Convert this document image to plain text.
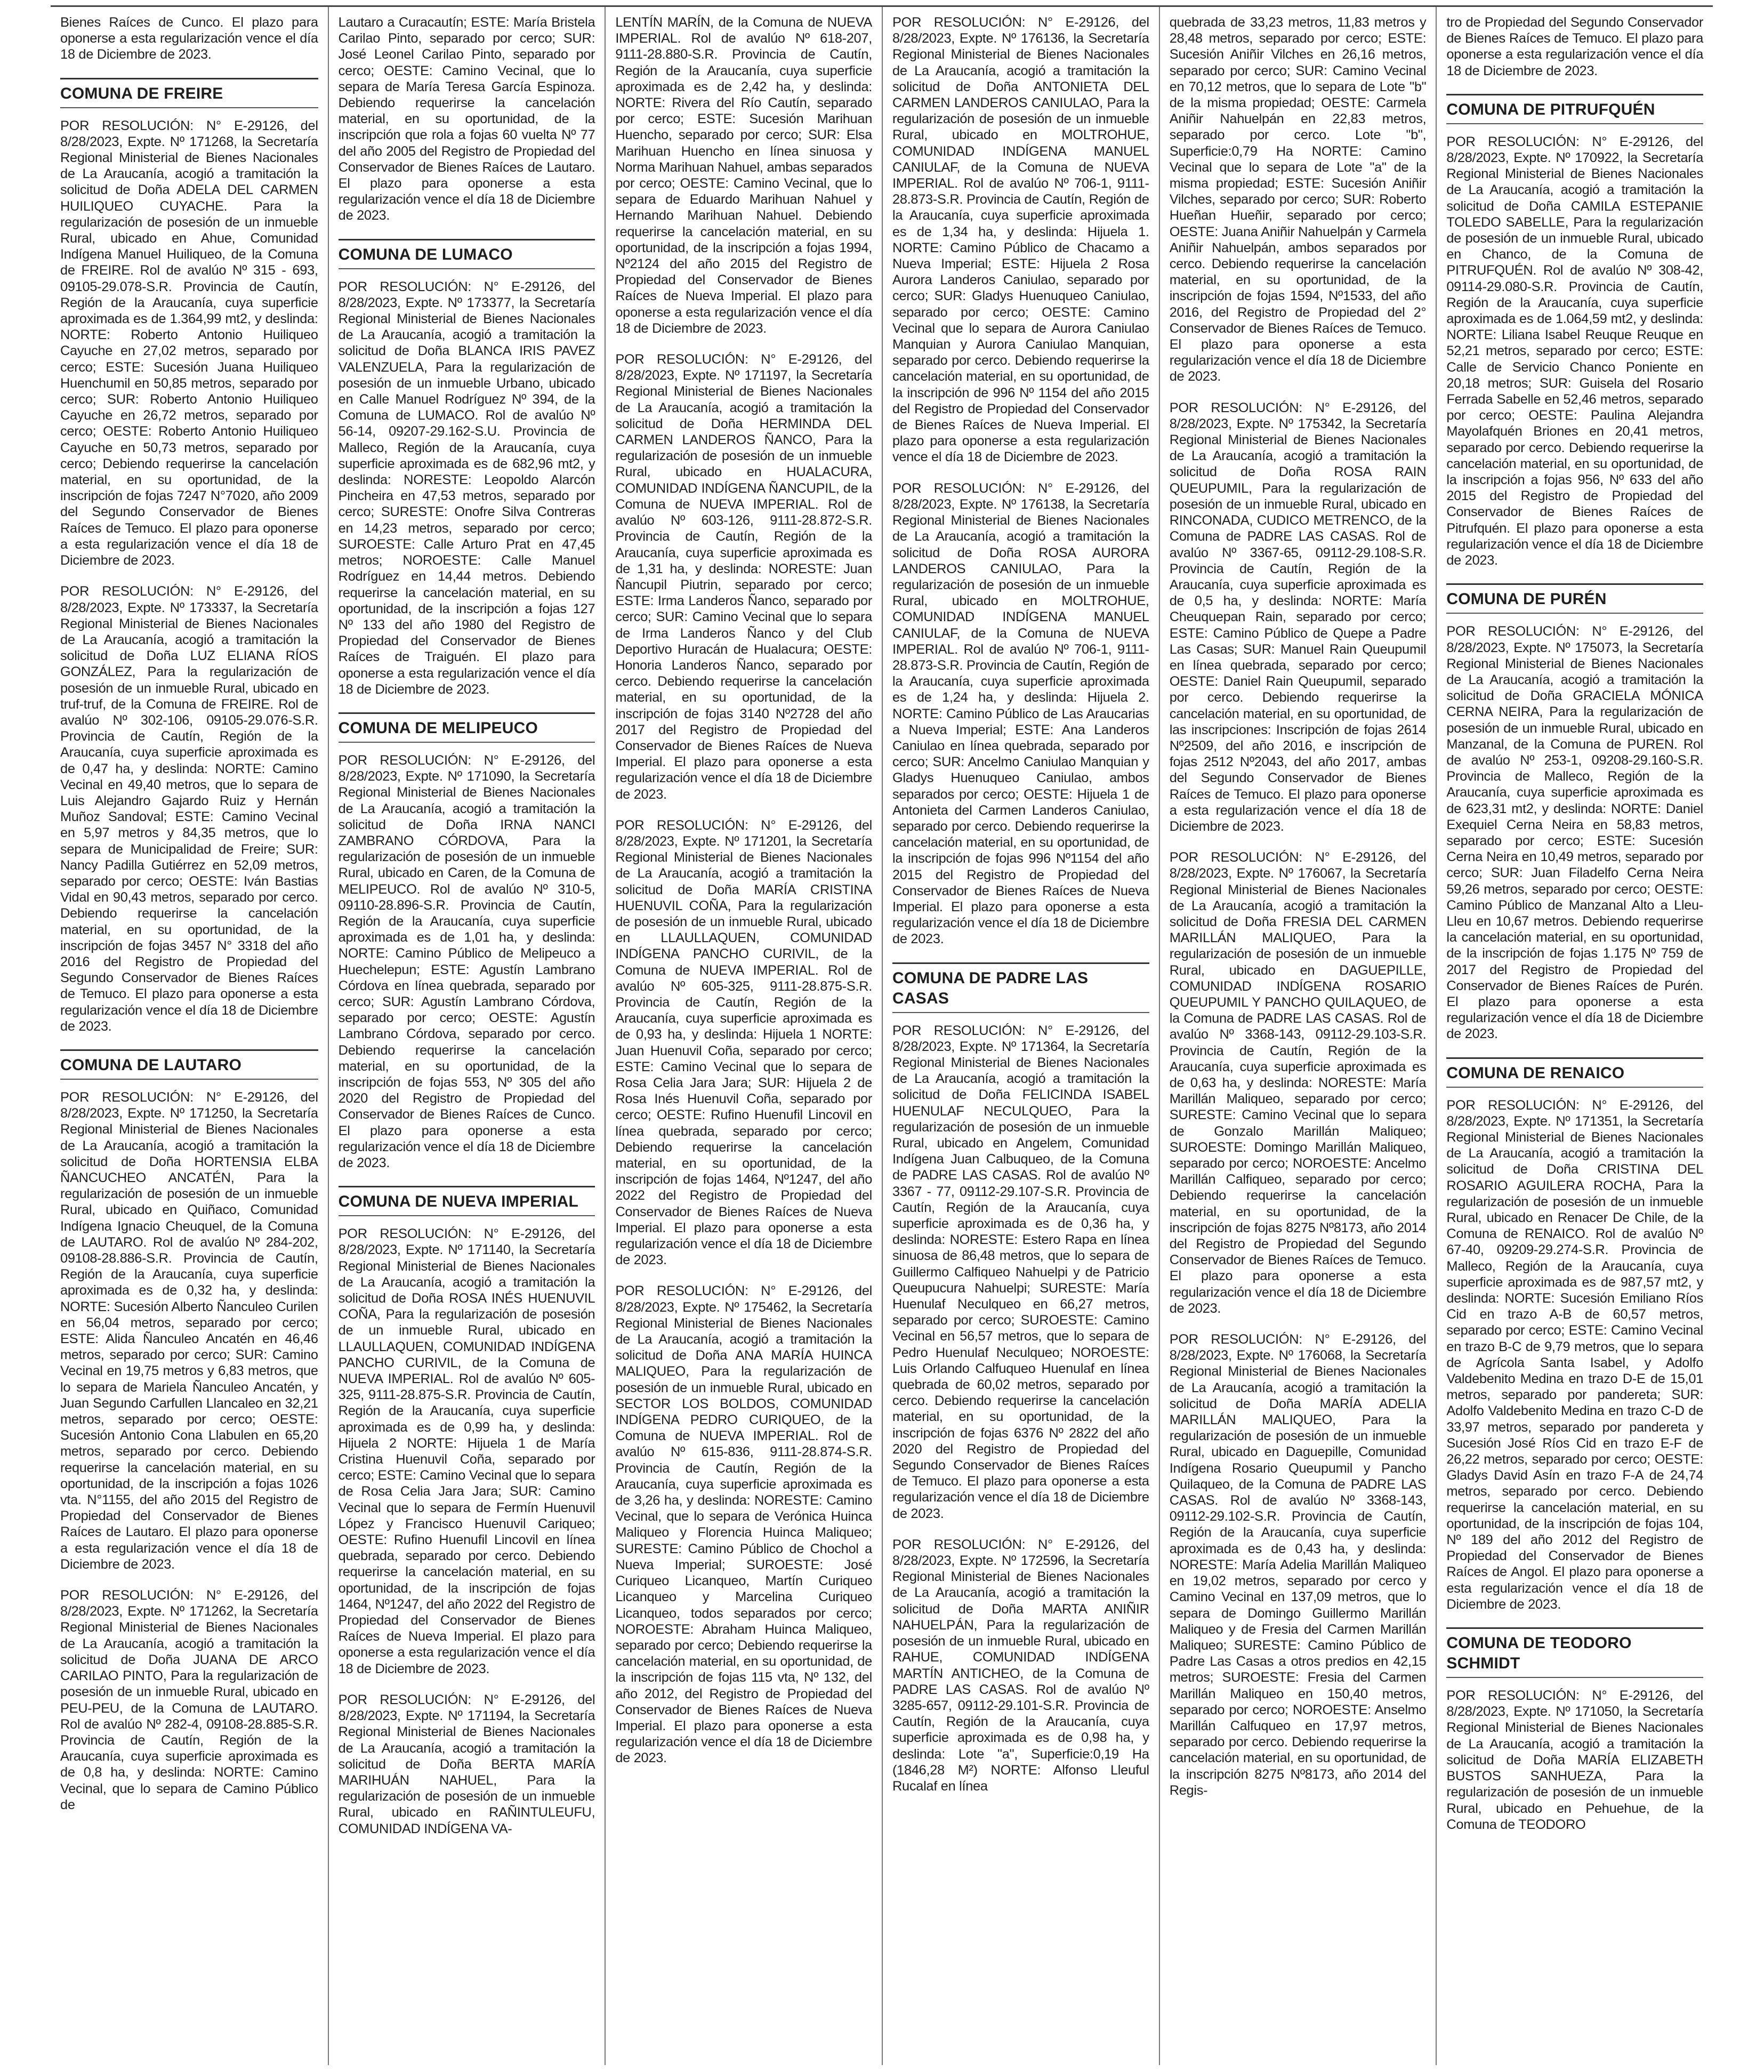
Bienes Raíces de Cunco. El plazo para oponerse a esta regularización vence el día 18 de Diciembre de 2023.
COMUNA DE FREIRE
POR RESOLUCIÓN: N° E-29126, del 8/28/2023, Expte. Nº 171268, la Secretaría Regional Ministerial de Bienes Nacionales de La Araucanía, acogió a tramitación la solicitud de Doña ADELA DEL CARMEN HUILIQUEO CUYACHE. Para la regularización de posesión de un inmueble Rural, ubicado en Ahue, Comunidad Indígena Manuel Huiliqueo, de la Comuna de FREIRE. Rol de avalúo Nº 315 - 693, 09105-29.078-S.R. Provincia de Cautín, Región de la Araucanía, cuya superficie aproximada es de 1.364,99 mt2, y deslinda: NORTE: Roberto Antonio Huiliqueo Cayuche en 27,02 metros, separado por cerco; ESTE: Sucesión Juana Huiliqueo Huenchumil en 50,85 metros, separado por cerco; SUR: Roberto Antonio Huiliqueo Cayuche en 26,72 metros, separado por cerco; OESTE: Roberto Antonio Huiliqueo Cayuche en 50,73 metros, separado por cerco; Debiendo requerirse la cancelación material, en su oportunidad, de la inscripción de fojas 7247 N°7020, año 2009 del Segundo Conservador de Bienes Raíces de Temuco. El plazo para oponerse a esta regularización vence el día 18 de Diciembre de 2023.
POR RESOLUCIÓN: N° E-29126, del 8/28/2023, Expte. Nº 173337, la Secretaría Regional Ministerial de Bienes Nacionales de La Araucanía, acogió a tramitación la solicitud de Doña LUZ ELIANA RÍOS GONZÁLEZ, Para la regularización de posesión de un inmueble Rural, ubicado en truf-truf, de la Comuna de FREIRE. Rol de avalúo Nº 302-106, 09105-29.076-S.R. Provincia de Cautín, Región de la Araucanía, cuya superficie aproximada es de 0,47 ha, y deslinda: NORTE: Camino Vecinal en 49,40 metros, que lo separa de Luis Alejandro Gajardo Ruiz y Hernán Muñoz Sandoval; ESTE: Camino Vecinal en 5,97 metros y 84,35 metros, que lo separa de Municipalidad de Freire; SUR: Nancy Padilla Gutiérrez en 52,09 metros, separado por cerco; OESTE: Iván Bastias Vidal en 90,43 metros, separado por cerco. Debiendo requerirse la cancelación material, en su oportunidad, de la inscripción de fojas 3457 N° 3318 del año 2016 del Registro de Propiedad del Segundo Conservador de Bienes Raíces de Temuco. El plazo para oponerse a esta regularización vence el día 18 de Diciembre de 2023.
COMUNA DE LAUTARO
POR RESOLUCIÓN: N° E-29126, del 8/28/2023, Expte. Nº 171250, la Secretaría Regional Ministerial de Bienes Nacionales de La Araucanía, acogió a tramitación la solicitud de Doña HORTENSIA ELBA ÑANCUCHEO ANCATÉN, Para la regularización de posesión de un inmueble Rural, ubicado en Quiñaco, Comunidad Indígena Ignacio Cheuquel, de la Comuna de LAUTARO. Rol de avalúo Nº 284-202, 09108-28.886-S.R. Provincia de Cautín, Región de la Araucanía, cuya superficie aproximada es de 0,32 ha, y deslinda: NORTE: Sucesión Alberto Ñanculeo Curilen en 56,04 metros, separado por cerco; ESTE: Alida Ñanculeo Ancatén en 46,46 metros, separado por cerco; SUR: Camino Vecinal en 19,75 metros y 6,83 metros, que lo separa de Mariela Ñanculeo Ancatén, y Juan Segundo Carfullen Llancaleo en 32,21 metros, separado por cerco; OESTE: Sucesión Antonio Cona Llabulen en 65,20 metros, separado por cerco. Debiendo requerirse la cancelación material, en su oportunidad, de la inscripción a fojas 1026 vta. N°1155, del año 2015 del Registro de Propiedad del Conservador de Bienes Raíces de Lautaro. El plazo para oponerse a esta regularización vence el día 18 de Diciembre de 2023.
POR RESOLUCIÓN: N° E-29126, del 8/28/2023, Expte. Nº 171262, la Secretaría Regional Ministerial de Bienes Nacionales de La Araucanía, acogió a tramitación la solicitud de Doña JUANA DE ARCO CARILAO PINTO, Para la regularización de posesión de un inmueble Rural, ubicado en PEU-PEU, de la Comuna de LAUTARO. Rol de avalúo Nº 282-4, 09108-28.885-S.R. Provincia de Cautín, Región de la Araucanía, cuya superficie aproximada es de 0,8 ha, y deslinda: NORTE: Camino Vecinal, que lo separa de Camino Público de
Lautaro a Curacautín; ESTE: María Bristela Carilao Pinto, separado por cerco; SUR: José Leonel Carilao Pinto, separado por cerco; OESTE: Camino Vecinal, que lo separa de María Teresa García Espinoza. Debiendo requerirse la cancelación material, en su oportunidad, de la inscripción que rola a fojas 60 vuelta Nº 77 del año 2005 del Registro de Propiedad del Conservador de Bienes Raíces de Lautaro. El plazo para oponerse a esta regularización vence el día 18 de Diciembre de 2023.
COMUNA DE LUMACO
POR RESOLUCIÓN: N° E-29126, del 8/28/2023, Expte. Nº 173377, la Secretaría Regional Ministerial de Bienes Nacionales de La Araucanía, acogió a tramitación la solicitud de Doña BLANCA IRIS PAVEZ VALENZUELA, Para la regularización de posesión de un inmueble Urbano, ubicado en Calle Manuel Rodríguez Nº 394, de la Comuna de LUMACO. Rol de avalúo Nº 56-14, 09207-29.162-S.U. Provincia de Malleco, Región de la Araucanía, cuya superficie aproximada es de 682,96 mt2, y deslinda: NORESTE: Leopoldo Alarcón Pincheira en 47,53 metros, separado por cerco; SURESTE: Onofre Silva Contreras en 14,23 metros, separado por cerco; SUROESTE: Calle Arturo Prat en 47,45 metros; NOROESTE: Calle Manuel Rodríguez en 14,44 metros. Debiendo requerirse la cancelación material, en su oportunidad, de la inscripción a fojas 127 Nº 133 del año 1980 del Registro de Propiedad del Conservador de Bienes Raíces de Traiguén. El plazo para oponerse a esta regularización vence el día 18 de Diciembre de 2023.
COMUNA DE MELIPEUCO
POR RESOLUCIÓN: N° E-29126, del 8/28/2023, Expte. Nº 171090, la Secretaría Regional Ministerial de Bienes Nacionales de La Araucanía, acogió a tramitación la solicitud de Doña IRNA NANCI ZAMBRANO CÓRDOVA, Para la regularización de posesión de un inmueble Rural, ubicado en Caren, de la Comuna de MELIPEUCO. Rol de avalúo Nº 310-5, 09110-28.896-S.R. Provincia de Cautín, Región de la Araucanía, cuya superficie aproximada es de 1,01 ha, y deslinda: NORTE: Camino Público de Melipeuco a Huechelepun; ESTE: Agustín Lambrano Córdova en línea quebrada, separado por cerco; SUR: Agustín Lambrano Córdova, separado por cerco; OESTE: Agustín Lambrano Córdova, separado por cerco. Debiendo requerirse la cancelación material, en su oportunidad, de la inscripción de fojas 553, Nº 305 del año 2020 del Registro de Propiedad del Conservador de Bienes Raíces de Cunco. El plazo para oponerse a esta regularización vence el día 18 de Diciembre de 2023.
COMUNA DE NUEVA IMPERIAL
POR RESOLUCIÓN: N° E-29126, del 8/28/2023, Expte. Nº 171140, la Secretaría Regional Ministerial de Bienes Nacionales de La Araucanía, acogió a tramitación la solicitud de Doña ROSA INÉS HUENUVIL COÑA, Para la regularización de posesión de un inmueble Rural, ubicado en LLAULLAQUEN, COMUNIDAD INDÍGENA PANCHO CURIVIL, de la Comuna de NUEVA IMPERIAL. Rol de avalúo Nº 605-325, 9111-28.875-S.R. Provincia de Cautín, Región de la Araucanía, cuya superficie aproximada es de 0,99 ha, y deslinda: Hijuela 2 NORTE: Hijuela 1 de María Cristina Huenuvil Coña, separado por cerco; ESTE: Camino Vecinal que lo separa de Rosa Celia Jara Jara; SUR: Camino Vecinal que lo separa de Fermín Huenuvil López y Francisco Huenuvil Cariqueo; OESTE: Rufino Huenufil Lincovil en línea quebrada, separado por cerco. Debiendo requerirse la cancelación material, en su oportunidad, de la inscripción de fojas 1464, Nº1247, del año 2022 del Registro de Propiedad del Conservador de Bienes Raíces de Nueva Imperial. El plazo para oponerse a esta regularización vence el día 18 de Diciembre de 2023.
POR RESOLUCIÓN: N° E-29126, del 8/28/2023, Expte. Nº 171194, la Secretaría Regional Ministerial de Bienes Nacionales de La Araucanía, acogió a tramitación la solicitud de Doña BERTA MARÍA MARIHUÁN NAHUEL, Para la regularización de posesión de un inmueble Rural, ubicado en RAÑINTULEUFU, COMUNIDAD INDÍGENA VA-
LENTÍN MARÍN, de la Comuna de NUEVA IMPERIAL. Rol de avalúo Nº 618-207, 9111-28.880-S.R. Provincia de Cautín, Región de la Araucanía, cuya superficie aproximada es de 2,42 ha, y deslinda: NORTE: Rivera del Río Cautín, separado por cerco; ESTE: Sucesión Marihuan Huencho, separado por cerco; SUR: Elsa Marihuan Huencho en línea sinuosa y Norma Marihuan Nahuel, ambas separados por cerco; OESTE: Camino Vecinal, que lo separa de Eduardo Marihuan Nahuel y Hernando Marihuan Nahuel. Debiendo requerirse la cancelación material, en su oportunidad, de la inscripción a fojas 1994, Nº2124 del año 2015 del Registro de Propiedad del Conservador de Bienes Raíces de Nueva Imperial. El plazo para oponerse a esta regularización vence el día 18 de Diciembre de 2023.
POR RESOLUCIÓN: N° E-29126, del 8/28/2023, Expte. Nº 171197, la Secretaría Regional Ministerial de Bienes Nacionales de La Araucanía, acogió a tramitación la solicitud de Doña HERMINDA DEL CARMEN LANDEROS ÑANCO, Para la regularización de posesión de un inmueble Rural, ubicado en HUALACURA, COMUNIDAD INDÍGENA ÑANCUPIL, de la Comuna de NUEVA IMPERIAL. Rol de avalúo Nº 603-126, 9111-28.872-S.R. Provincia de Cautín, Región de la Araucanía, cuya superficie aproximada es de 1,31 ha, y deslinda: NORESTE: Juan Ñancupil Piutrin, separado por cerco; ESTE: Irma Landeros Ñanco, separado por cerco; SUR: Camino Vecinal que lo separa de Irma Landeros Ñanco y del Club Deportivo Huracán de Hualacura; OESTE: Honoria Landeros Ñanco, separado por cerco. Debiendo requerirse la cancelación material, en su oportunidad, de la inscripción de fojas 3140 Nº2728 del año 2017 del Registro de Propiedad del Conservador de Bienes Raíces de Nueva Imperial. El plazo para oponerse a esta regularización vence el día 18 de Diciembre de 2023.
POR RESOLUCIÓN: N° E-29126, del 8/28/2023, Expte. Nº 171201, la Secretaría Regional Ministerial de Bienes Nacionales de La Araucanía, acogió a tramitación la solicitud de Doña MARÍA CRISTINA HUENUVIL COÑA, Para la regularización de posesión de un inmueble Rural, ubicado en LLAULLAQUEN, COMUNIDAD INDÍGENA PANCHO CURIVIL, de la Comuna de NUEVA IMPERIAL. Rol de avalúo Nº 605-325, 9111-28.875-S.R. Provincia de Cautín, Región de la Araucanía, cuya superficie aproximada es de 0,93 ha, y deslinda: Hijuela 1 NORTE: Juan Huenuvil Coña, separado por cerco; ESTE: Camino Vecinal que lo separa de Rosa Celia Jara Jara; SUR: Hijuela 2 de Rosa Inés Huenuvil Coña, separado por cerco; OESTE: Rufino Huenufil Lincovil en línea quebrada, separado por cerco; Debiendo requerirse la cancelación material, en su oportunidad, de la inscripción de fojas 1464, Nº1247, del año 2022 del Registro de Propiedad del Conservador de Bienes Raíces de Nueva Imperial. El plazo para oponerse a esta regularización vence el día 18 de Diciembre de 2023.
POR RESOLUCIÓN: N° E-29126, del 8/28/2023, Expte. Nº 175462, la Secretaría Regional Ministerial de Bienes Nacionales de La Araucanía, acogió a tramitación la solicitud de Doña ANA MARÍA HUINCA MALIQUEO, Para la regularización de posesión de un inmueble Rural, ubicado en SECTOR LOS BOLDOS, COMUNIDAD INDÍGENA PEDRO CURIQUEO, de la Comuna de NUEVA IMPERIAL. Rol de avalúo Nº 615-836, 9111-28.874-S.R. Provincia de Cautín, Región de la Araucanía, cuya superficie aproximada es de 3,26 ha, y deslinda: NORESTE: Camino Vecinal, que lo separa de Verónica Huinca Maliqueo y Florencia Huinca Maliqueo; SURESTE: Camino Público de Chochol a Nueva Imperial; SUROESTE: José Curiqueo Licanqueo, Martín Curiqueo Licanqueo y Marcelina Curiqueo Licanqueo, todos separados por cerco; NOROESTE: Abraham Huinca Maliqueo, separado por cerco; Debiendo requerirse la cancelación material, en su oportunidad, de la inscripción de fojas 115 vta, Nº 132, del año 2012, del Registro de Propiedad del Conservador de Bienes Raíces de Nueva Imperial. El plazo para oponerse a esta regularización vence el día 18 de Diciembre de 2023.
POR RESOLUCIÓN: N° E-29126, del 8/28/2023, Expte. Nº 176136, la Secretaría Regional Ministerial de Bienes Nacionales de La Araucanía, acogió a tramitación la solicitud de Doña ANTONIETA DEL CARMEN LANDEROS CANIULAO, Para la regularización de posesión de un inmueble Rural, ubicado en MOLTROHUE, COMUNIDAD INDÍGENA MANUEL CANIULAF, de la Comuna de NUEVA IMPERIAL. Rol de avalúo Nº 706-1, 9111-28.873-S.R. Provincia de Cautín, Región de la Araucanía, cuya superficie aproximada es de 1,34 ha, y deslinda: Hijuela 1. NORTE: Camino Público de Chacamo a Nueva Imperial; ESTE: Hijuela 2 Rosa Aurora Landeros Caniulao, separado por cerco; SUR: Gladys Huenuqueo Caniulao, separado por cerco; OESTE: Camino Vecinal que lo separa de Aurora Caniulao Manquian y Aurora Caniulao Manquian, separado por cerco. Debiendo requerirse la cancelación material, en su oportunidad, de la inscripción de 996 Nº 1154 del año 2015 del Registro de Propiedad del Conservador de Bienes Raíces de Nueva Imperial. El plazo para oponerse a esta regularización vence el día 18 de Diciembre de 2023.
POR RESOLUCIÓN: N° E-29126, del 8/28/2023, Expte. Nº 176138, la Secretaría Regional Ministerial de Bienes Nacionales de La Araucanía, acogió a tramitación la solicitud de Doña ROSA AURORA LANDEROS CANIULAO, Para la regularización de posesión de un inmueble Rural, ubicado en MOLTROHUE, COMUNIDAD INDÍGENA MANUEL CANIULAF, de la Comuna de NUEVA IMPERIAL. Rol de avalúo Nº 706-1, 9111-28.873-S.R. Provincia de Cautín, Región de la Araucanía, cuya superficie aproximada es de 1,24 ha, y deslinda: Hijuela 2. NORTE: Camino Público de Las Araucarias a Nueva Imperial; ESTE: Ana Landeros Caniulao en línea quebrada, separado por cerco; SUR: Ancelmo Caniulao Manquian y Gladys Huenuqueo Caniulao, ambos separados por cerco; OESTE: Hijuela 1 de Antonieta del Carmen Landeros Caniulao, separado por cerco. Debiendo requerirse la cancelación material, en su oportunidad, de la inscripción de fojas 996 Nº1154 del año 2015 del Registro de Propiedad del Conservador de Bienes Raíces de Nueva Imperial. El plazo para oponerse a esta regularización vence el día 18 de Diciembre de 2023.
COMUNA DE PADRE LAS CASAS
POR RESOLUCIÓN: N° E-29126, del 8/28/2023, Expte. Nº 171364, la Secretaría Regional Ministerial de Bienes Nacionales de La Araucanía, acogió a tramitación la solicitud de Doña FELICINDA ISABEL HUENULAF NECULQUEO, Para la regularización de posesión de un inmueble Rural, ubicado en Angelem, Comunidad Indígena Juan Calbuqueo, de la Comuna de PADRE LAS CASAS. Rol de avalúo Nº 3367 - 77, 09112-29.107-S.R. Provincia de Cautín, Región de la Araucanía, cuya superficie aproximada es de 0,36 ha, y deslinda: NORESTE: Estero Rapa en línea sinuosa de 86,48 metros, que lo separa de Guillermo Calfiqueo Nahuelpi y de Patricio Queupucura Nahuelpi; SURESTE: María Huenulaf Neculqueo en 66,27 metros, separado por cerco; SUROESTE: Camino Vecinal en 56,57 metros, que lo separa de Pedro Huenulaf Neculqueo; NOROESTE: Luis Orlando Calfuqueo Huenulaf en línea quebrada de 60,02 metros, separado por cerco. Debiendo requerirse la cancelación material, en su oportunidad, de la inscripción de fojas 6376 Nº 2822 del año 2020 del Registro de Propiedad del Segundo Conservador de Bienes Raíces de Temuco. El plazo para oponerse a esta regularización vence el día 18 de Diciembre de 2023.
POR RESOLUCIÓN: N° E-29126, del 8/28/2023, Expte. Nº 172596, la Secretaría Regional Ministerial de Bienes Nacionales de La Araucanía, acogió a tramitación la solicitud de Doña MARTA ANIÑIR NAHUELPÁN, Para la regularización de posesión de un inmueble Rural, ubicado en RAHUE, COMUNIDAD INDÍGENA MARTÍN ANTICHEO, de la Comuna de PADRE LAS CASAS. Rol de avalúo Nº 3285-657, 09112-29.101-S.R. Provincia de Cautín, Región de la Araucanía, cuya superficie aproximada es de 0,98 ha, y deslinda: Lote "a", Superficie:0,19 Ha (1846,28 M²) NORTE: Alfonso Lleuful Rucalaf en línea
quebrada de 33,23 metros, 11,83 metros y 28,48 metros, separado por cerco; ESTE: Sucesión Aniñir Vilches en 26,16 metros, separado por cerco; SUR: Camino Vecinal en 70,12 metros, que lo separa de Lote "b" de la misma propiedad; OESTE: Carmela Aniñir Nahuelpán en 22,83 metros, separado por cerco. Lote "b", Superficie:0,79 Ha NORTE: Camino Vecinal que lo separa de Lote "a" de la misma propiedad; ESTE: Sucesión Aniñir Vilches, separado por cerco; SUR: Roberto Hueñan Hueñir, separado por cerco; OESTE: Juana Aniñir Nahuelpán y Carmela Aniñir Nahuelpán, ambos separados por cerco. Debiendo requerirse la cancelación material, en su oportunidad, de la inscripción de fojas 1594, Nº1533, del año 2016, del Registro de Propiedad del 2° Conservador de Bienes Raíces de Temuco. El plazo para oponerse a esta regularización vence el día 18 de Diciembre de 2023.
POR RESOLUCIÓN: N° E-29126, del 8/28/2023, Expte. Nº 175342, la Secretaría Regional Ministerial de Bienes Nacionales de La Araucanía, acogió a tramitación la solicitud de Doña ROSA RAIN QUEUPUMIL, Para la regularización de posesión de un inmueble Rural, ubicado en RINCONADA, CUDICO METRENCO, de la Comuna de PADRE LAS CASAS. Rol de avalúo Nº 3367-65, 09112-29.108-S.R. Provincia de Cautín, Región de la Araucanía, cuya superficie aproximada es de 0,5 ha, y deslinda: NORTE: María Cheuquepan Rain, separado por cerco; ESTE: Camino Público de Quepe a Padre Las Casas; SUR: Manuel Rain Queupumil en línea quebrada, separado por cerco; OESTE: Daniel Rain Queupumil, separado por cerco. Debiendo requerirse la cancelación material, en su oportunidad, de las inscripciones: Inscripción de fojas 2614 Nº2509, del año 2016, e inscripción de fojas 2512 Nº2043, del año 2017, ambas del Segundo Conservador de Bienes Raíces de Temuco. El plazo para oponerse a esta regularización vence el día 18 de Diciembre de 2023.
POR RESOLUCIÓN: N° E-29126, del 8/28/2023, Expte. Nº 176067, la Secretaría Regional Ministerial de Bienes Nacionales de La Araucanía, acogió a tramitación la solicitud de Doña FRESIA DEL CARMEN MARILLÁN MALIQUEO, Para la regularización de posesión de un inmueble Rural, ubicado en DAGUEPILLE, COMUNIDAD INDÍGENA ROSARIO QUEUPUMIL Y PANCHO QUILAQUEO, de la Comuna de PADRE LAS CASAS. Rol de avalúo Nº 3368-143, 09112-29.103-S.R. Provincia de Cautín, Región de la Araucanía, cuya superficie aproximada es de 0,63 ha, y deslinda: NORESTE: María Marillán Maliqueo, separado por cerco; SURESTE: Camino Vecinal que lo separa de Gonzalo Marillán Maliqueo; SUROESTE: Domingo Marillán Maliqueo, separado por cerco; NOROESTE: Ancelmo Marillán Calfiqueo, separado por cerco; Debiendo requerirse la cancelación material, en su oportunidad, de la inscripción de fojas 8275 Nº8173, año 2014 del Registro de Propiedad del Segundo Conservador de Bienes Raíces de Temuco. El plazo para oponerse a esta regularización vence el día 18 de Diciembre de 2023.
POR RESOLUCIÓN: N° E-29126, del 8/28/2023, Expte. Nº 176068, la Secretaría Regional Ministerial de Bienes Nacionales de La Araucanía, acogió a tramitación la solicitud de Doña MARÍA ADELIA MARILLÁN MALIQUEO, Para la regularización de posesión de un inmueble Rural, ubicado en Daguepille, Comunidad Indígena Rosario Queupumil y Pancho Quilaqueo, de la Comuna de PADRE LAS CASAS. Rol de avalúo Nº 3368-143, 09112-29.102-S.R. Provincia de Cautín, Región de la Araucanía, cuya superficie aproximada es de 0,43 ha, y deslinda: NORESTE: María Adelia Marillán Maliqueo en 19,02 metros, separado por cerco y Camino Vecinal en 137,09 metros, que lo separa de Domingo Guillermo Marillán Maliqueo y de Fresia del Carmen Marillán Maliqueo; SURESTE: Camino Público de Padre Las Casas a otros predios en 42,15 metros; SUROESTE: Fresia del Carmen Marillán Maliqueo en 150,40 metros, separado por cerco; NOROESTE: Anselmo Marillán Calfuqueo en 17,97 metros, separado por cerco. Debiendo requerirse la cancelación material, en su oportunidad, de la inscripción 8275 Nº8173, año 2014 del Regis-
tro de Propiedad del Segundo Conservador de Bienes Raíces de Temuco. El plazo para oponerse a esta regularización vence el día 18 de Diciembre de 2023.
COMUNA DE PITRUFQUÉN
POR RESOLUCIÓN: N° E-29126, del 8/28/2023, Expte. Nº 170922, la Secretaría Regional Ministerial de Bienes Nacionales de La Araucanía, acogió a tramitación la solicitud de Doña CAMILA ESTEPANIE TOLEDO SABELLE, Para la regularización de posesión de un inmueble Rural, ubicado en Chanco, de la Comuna de PITRUFQUÉN. Rol de avalúo Nº 308-42, 09114-29.080-S.R. Provincia de Cautín, Región de la Araucanía, cuya superficie aproximada es de 1.064,59 mt2, y deslinda: NORTE: Liliana Isabel Reuque Reuque en 52,21 metros, separado por cerco; ESTE: Calle de Servicio Chanco Poniente en 20,18 metros; SUR: Guisela del Rosario Ferrada Sabelle en 52,46 metros, separado por cerco; OESTE: Paulina Alejandra Mayolafquén Briones en 20,41 metros, separado por cerco. Debiendo requerirse la cancelación material, en su oportunidad, de la inscripción a fojas 956, Nº 633 del año 2015 del Registro de Propiedad del Conservador de Bienes Raíces de Pitrufquén. El plazo para oponerse a esta regularización vence el día 18 de Diciembre de 2023.
COMUNA DE PURÉN
POR RESOLUCIÓN: N° E-29126, del 8/28/2023, Expte. Nº 175073, la Secretaría Regional Ministerial de Bienes Nacionales de La Araucanía, acogió a tramitación la solicitud de Doña GRACIELA MÓNICA CERNA NEIRA, Para la regularización de posesión de un inmueble Rural, ubicado en Manzanal, de la Comuna de PUREN. Rol de avalúo Nº 253-1, 09208-29.160-S.R. Provincia de Malleco, Región de la Araucanía, cuya superficie aproximada es de 623,31 mt2, y deslinda: NORTE: Daniel Exequiel Cerna Neira en 58,83 metros, separado por cerco; ESTE: Sucesión Cerna Neira en 10,49 metros, separado por cerco; SUR: Juan Filadelfo Cerna Neira 59,26 metros, separado por cerco; OESTE: Camino Público de Manzanal Alto a Lleu-Lleu en 10,67 metros. Debiendo requerirse la cancelación material, en su oportunidad, de la inscripción de fojas 1.175 Nº 759 de 2017 del Registro de Propiedad del Conservador de Bienes Raíces de Purén. El plazo para oponerse a esta regularización vence el día 18 de Diciembre de 2023.
COMUNA DE RENAICO
POR RESOLUCIÓN: N° E-29126, del 8/28/2023, Expte. Nº 171351, la Secretaría Regional Ministerial de Bienes Nacionales de La Araucanía, acogió a tramitación la solicitud de Doña CRISTINA DEL ROSARIO AGUILERA ROCHA, Para la regularización de posesión de un inmueble Rural, ubicado en Renacer De Chile, de la Comuna de RENAICO. Rol de avalúo Nº 67-40, 09209-29.274-S.R. Provincia de Malleco, Región de la Araucanía, cuya superficie aproximada es de 987,57 mt2, y deslinda: NORTE: Sucesión Emiliano Ríos Cid en trazo A-B de 60,57 metros, separado por cerco; ESTE: Camino Vecinal en trazo B-C de 9,79 metros, que lo separa de Agrícola Santa Isabel, y Adolfo Valdebenito Medina en trazo D-E de 15,01 metros, separado por pandereta; SUR: Adolfo Valdebenito Medina en trazo C-D de 33,97 metros, separado por pandereta y Sucesión José Ríos Cid en trazo E-F de 26,22 metros, separado por cerco; OESTE: Gladys David Asín en trazo F-A de 24,74 metros, separado por cerco. Debiendo requerirse la cancelación material, en su oportunidad, de la inscripción de fojas 104, Nº 189 del año 2012 del Registro de Propiedad del Conservador de Bienes Raíces de Angol. El plazo para oponerse a esta regularización vence el día 18 de Diciembre de 2023.
COMUNA DE TEODORO SCHMIDT
POR RESOLUCIÓN: N° E-29126, del 8/28/2023, Expte. Nº 171050, la Secretaría Regional Ministerial de Bienes Nacionales de La Araucanía, acogió a tramitación la solicitud de Doña MARÍA ELIZABETH BUSTOS SANHUEZA, Para la regularización de posesión de un inmueble Rural, ubicado en Pehuehue, de la Comuna de TEODORO
